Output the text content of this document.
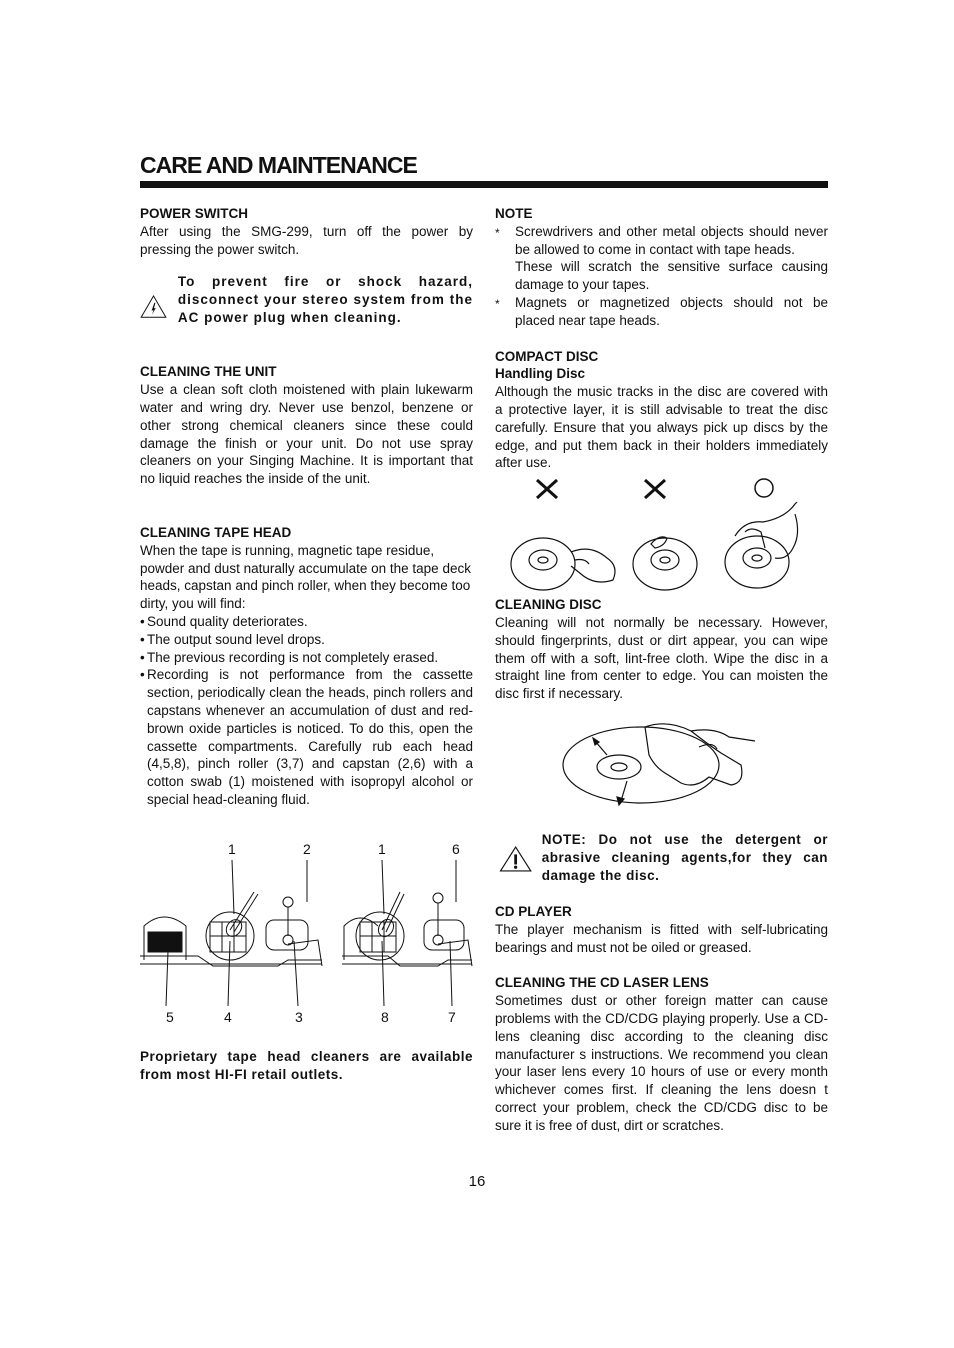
CARE AND MAINTENANCE

POWER SWITCH

After using the SMG-299, turn off the power by pressing the power switch.

To prevent fire or shock hazard, disconnect your stereo system from the AC power plug when cleaning.

CLEANING THE UNIT

Use a clean soft cloth moistened with plain lukewarm water and wring dry. Never use benzol, benzene or other strong chemical cleaners since these could damage the finish or your unit. Do not use spray cleaners on your Singing Machine. It is important that no liquid reaches the inside of the unit.

CLEANING TAPE HEAD

When the tape is running, magnetic tape residue, powder and dust naturally accumulate on the tape deck heads, capstan and pinch roller, when they become too dirty, you will find:

• Sound quality deteriorates.
• The output sound level drops.
• The previous recording is not completely erased.
• Recording is not performance from the cassette section, periodically clean the heads, pinch rollers and capstans whenever an accumulation of dust and red-brown oxide particles is noticed. To do this, open the cassette compartments. Carefully rub each head (4,5,8), pinch roller (3,7) and capstan (2,6) with a cotton swab (1) moistened with isopropyl alcohol or special head-cleaning fluid.
1	2	1	6
5	4	3	8	7

Proprietary tape head cleaners are available from most HI-FI retail outlets.

NOTE

* Screwdrivers and other metal objects should never be allowed to come in contact with tape heads.
These will scratch the sensitive surface causing damage to your tapes.
* Magnets or magnetized objects should not be placed near tape heads.

COMPACT DISC

Handling Disc

Although the music tracks in the disc are covered with a protective layer, it is still advisable to treat the disc carefully. Ensure that you always pick up discs by the edge, and put them back in their holders immediately after use.

CLEANING DISC

Cleaning will not normally be necessary. However, should fingerprints, dust or dirt appear, you can wipe them off with a soft, lint-free cloth. Wipe the disc in a straight line from center to edge. You can moisten the disc first if necessary.

NOTE: Do not use the detergent or abrasive cleaning agents,for they can damage the disc.

CD PLAYER

The player mechanism is fitted with self-lubricating bearings and must not be oiled or greased.

CLEANING THE CD LASER LENS

Sometimes dust or other foreign matter can cause problems with the CD/CDG playing properly. Use a CD-lens cleaning disc according to the cleaning disc manufacturer s instructions. We recommend you clean your laser lens every 10 hours of use or every month whichever comes first. If cleaning the lens doesn t correct your problem, check the CD/CDG disc to be sure it is free of dust, dirt or scratches.

16
